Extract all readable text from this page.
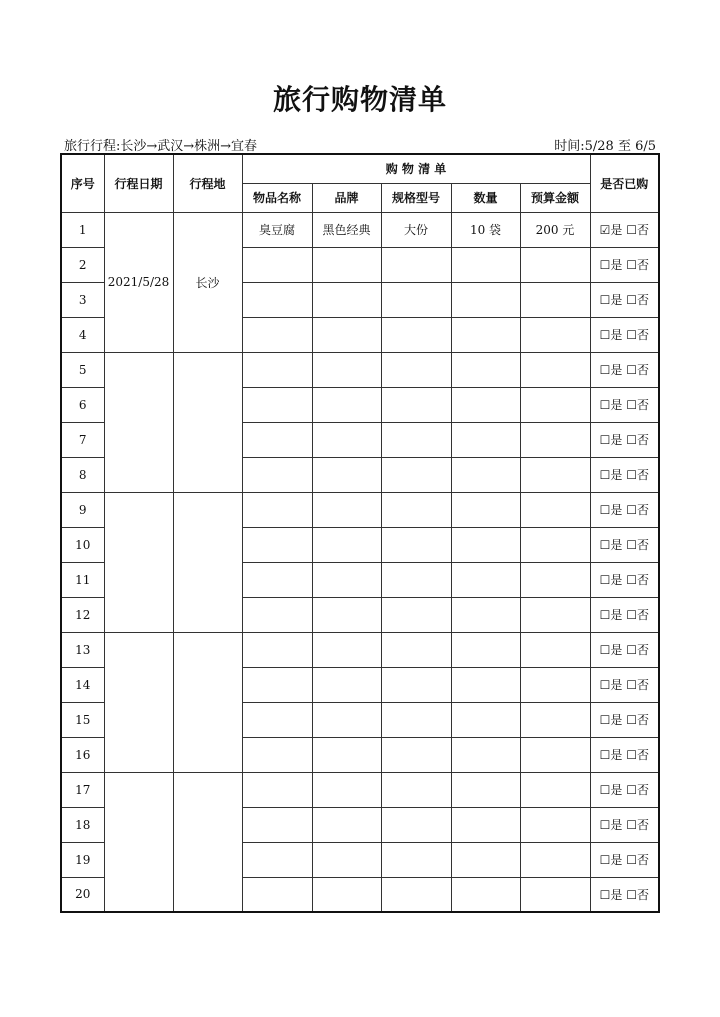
旅行购物清单
旅行行程:长沙→武汉→株洲→宜春	时间:5/28 至 6/5
序号	行程日期	行程地	购 物 清 单					是否已购
			物品名称	品牌	规格型号	数量	预算金额	
1	2021/5/28	长沙	臭豆腐	黑色经典	大份	10 袋	200 元	☑是 ☐否
2								☐是 ☐否
3								☐是 ☐否
4								☐是 ☐否
5								☐是 ☐否
6								☐是 ☐否
7								☐是 ☐否
8								☐是 ☐否
9								☐是 ☐否
10								☐是 ☐否
11								☐是 ☐否
12								☐是 ☐否
13								☐是 ☐否
14								☐是 ☐否
15								☐是 ☐否
16								☐是 ☐否
17								☐是 ☐否
18								☐是 ☐否
19								☐是 ☐否
20								☐是 ☐否
